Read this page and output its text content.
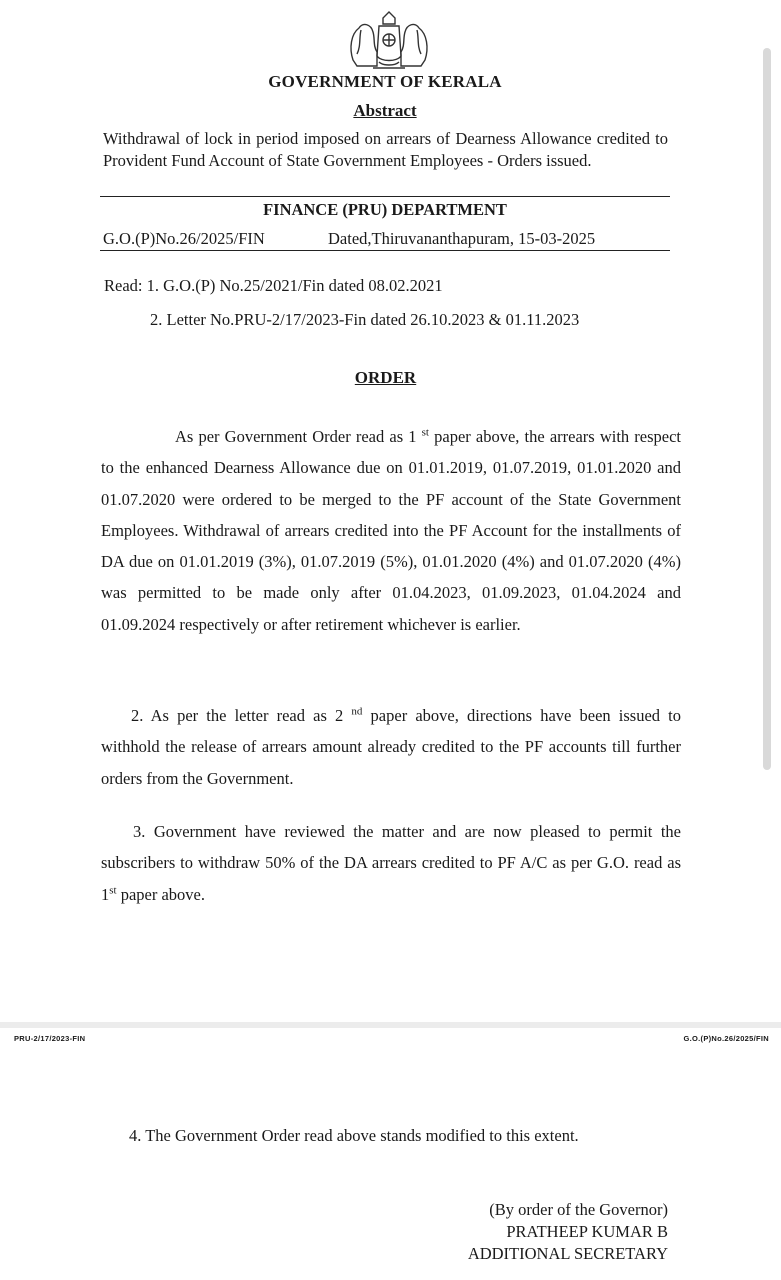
GOVERNMENT OF KERALA
Abstract
Withdrawal of lock in period imposed on arrears of Dearness Allowance credited to Provident Fund Account of State Government Employees - Orders issued.
FINANCE (PRU) DEPARTMENT
G.O.(P)No.26/2025/FIN	Dated,Thiruvananthapuram, 15-03-2025
Read: 1. G.O.(P) No.25/2021/Fin dated 08.02.2021
2. Letter No.PRU-2/17/2023-Fin dated 26.10.2023 & 01.11.2023
ORDER
As per Government Order read as 1 $^{st}$ paper above, the arrears with respect to the enhanced Dearness Allowance due on 01.01.2019, 01.07.2019, 01.01.2020 and 01.07.2020 were ordered to be merged to the PF account of the State Government Employees. Withdrawal of arrears credited into the PF Account for the installments of DA due on 01.01.2019 (3%), 01.07.2019 (5%), 01.01.2020 (4%) and 01.07.2020 (4%) was permitted to be made only after 01.04.2023, 01.09.2023, 01.04.2024 and 01.09.2024 respectively or after retirement whichever is earlier.
2. As per the letter read as 2 $^{nd}$ paper above, directions have been issued to withhold the release of arrears amount already credited to the PF accounts till further orders from the Government.
3. Government have reviewed the matter and are now pleased to permit the subscribers to withdraw 50% of the DA arrears credited to PF A/C as per G.O. read as 1st paper above.
PRU-2/17/2023-FIN	G.O.(P)No.26/2025/FIN
4. The Government Order read above stands modified to this extent.
(By order of the Governor)
PRATHEEP KUMAR B
ADDITIONAL SECRETARY
